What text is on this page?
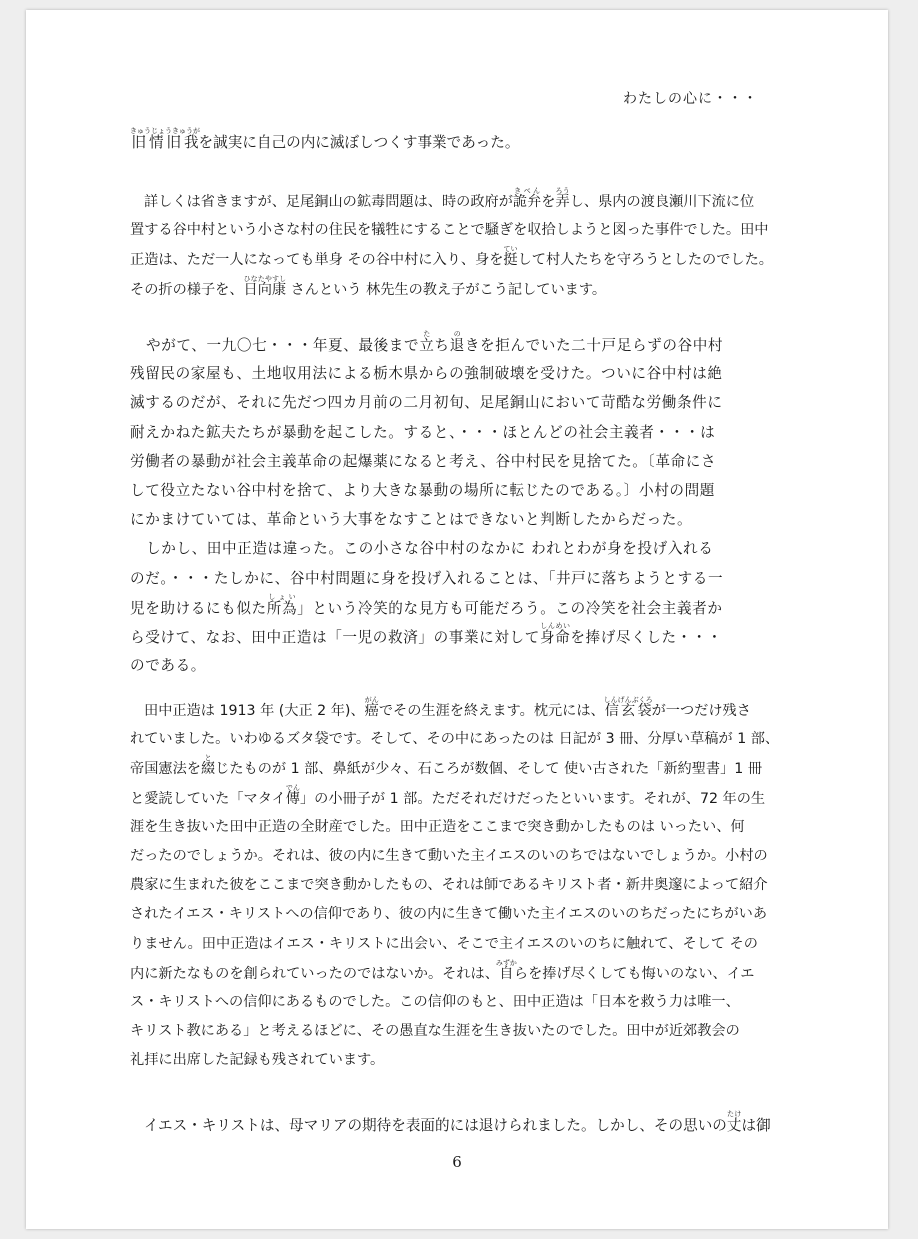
わたしの心に・・・
旧情旧我きゅうじょうきゅうがを誠実に自己の内に滅ぼしつくす事業であった。
詳しくは省きますが、足尾銅山の鉱毒問題は、時の政府が詭弁きべんを弄ろうし、県内の渡良瀬川下流に位
置する谷中村という小さな村の住民を犠牲にすることで騒ぎを収拾しようと図った事件でした。田中
正造は、ただ一人になっても単身 その谷中村に入り、身を挺ていして村人たちを守ろうとしたのでした。
その折の様子を、日向康ひなたやすし さんという 林先生の教え子がこう記しています。
やがて、一九〇七・・・年夏、最後まで立たち退のきを拒んでいた二十戸足らずの谷中村
残留民の家屋も、土地収用法による栃木県からの強制破壊を受けた。ついに谷中村は絶
滅するのだが、それに先だつ四カ月前の二月初旬、足尾銅山において苛酷な労働条件に
耐えかねた鉱夫たちが暴動を起こした。すると、・・・ほとんどの社会主義者・・・は
労働者の暴動が社会主義革命の起爆薬になると考え、谷中村民を見捨てた。〔革命にさ
して役立たない谷中村を捨て、より大きな暴動の場所に転じたのである。〕小村の問題
にかまけていては、革命という大事をなすことはできないと判断したからだった。
しかし、田中正造は違った。この小さな谷中村のなかに われとわが身を投げ入れる
のだ。・・・たしかに、谷中村問題に身を投げ入れることは、「井戸に落ちようとする一
児を助けるにも似た所為しょい」という冷笑的な見方も可能だろう。この冷笑を社会主義者か
ら受けて、なお、田中正造は「一児の救済」の事業に対して身命しんめいを捧げ尽くした・・・
のである。
田中正造は 1913 年 (大正 2 年)、癌がんでその生涯を終えます。枕元には、信玄袋しんげんぶくろが一つだけ残さ
れていました。いわゆるズタ袋です。そして、その中にあったのは 日記が 3 冊、分厚い草稿が 1 部、
帝国憲法を綴とじたものが 1 部、鼻紙が少々、石ころが数個、そして 使い古された「新約聖書」1 冊
と愛読していた「マタイ傳でん」の小冊子が 1 部。ただそれだけだったといいます。それが、72 年の生
涯を生き抜いた田中正造の全財産でした。田中正造をここまで突き動かしたものは いったい、何
だったのでしょうか。それは、彼の内に生きて動いた主イエスのいのちではないでしょうか。小村の
農家に生まれた彼をここまで突き動かしたもの、それは師であるキリスト者・新井奥邃によって紹介
されたイエス・キリストへの信仰であり、彼の内に生きて働いた主イエスのいのちだったにちがいあ
りません。田中正造はイエス・キリストに出会い、そこで主イエスのいのちに触れて、そして その
内に新たなものを創られていったのではないか。それは、自みずからを捧げ尽くしても悔いのない、イエ
ス・キリストへの信仰にあるものでした。この信仰のもと、田中正造は「日本を救う力は唯一、
キリスト教にある」と考えるほどに、その愚直な生涯を生き抜いたのでした。田中が近郊教会の
礼拝に出席した記録も残されています。
イエス・キリストは、母マリアの期待を表面的には退けられました。しかし、その思いの丈たけは御
6
